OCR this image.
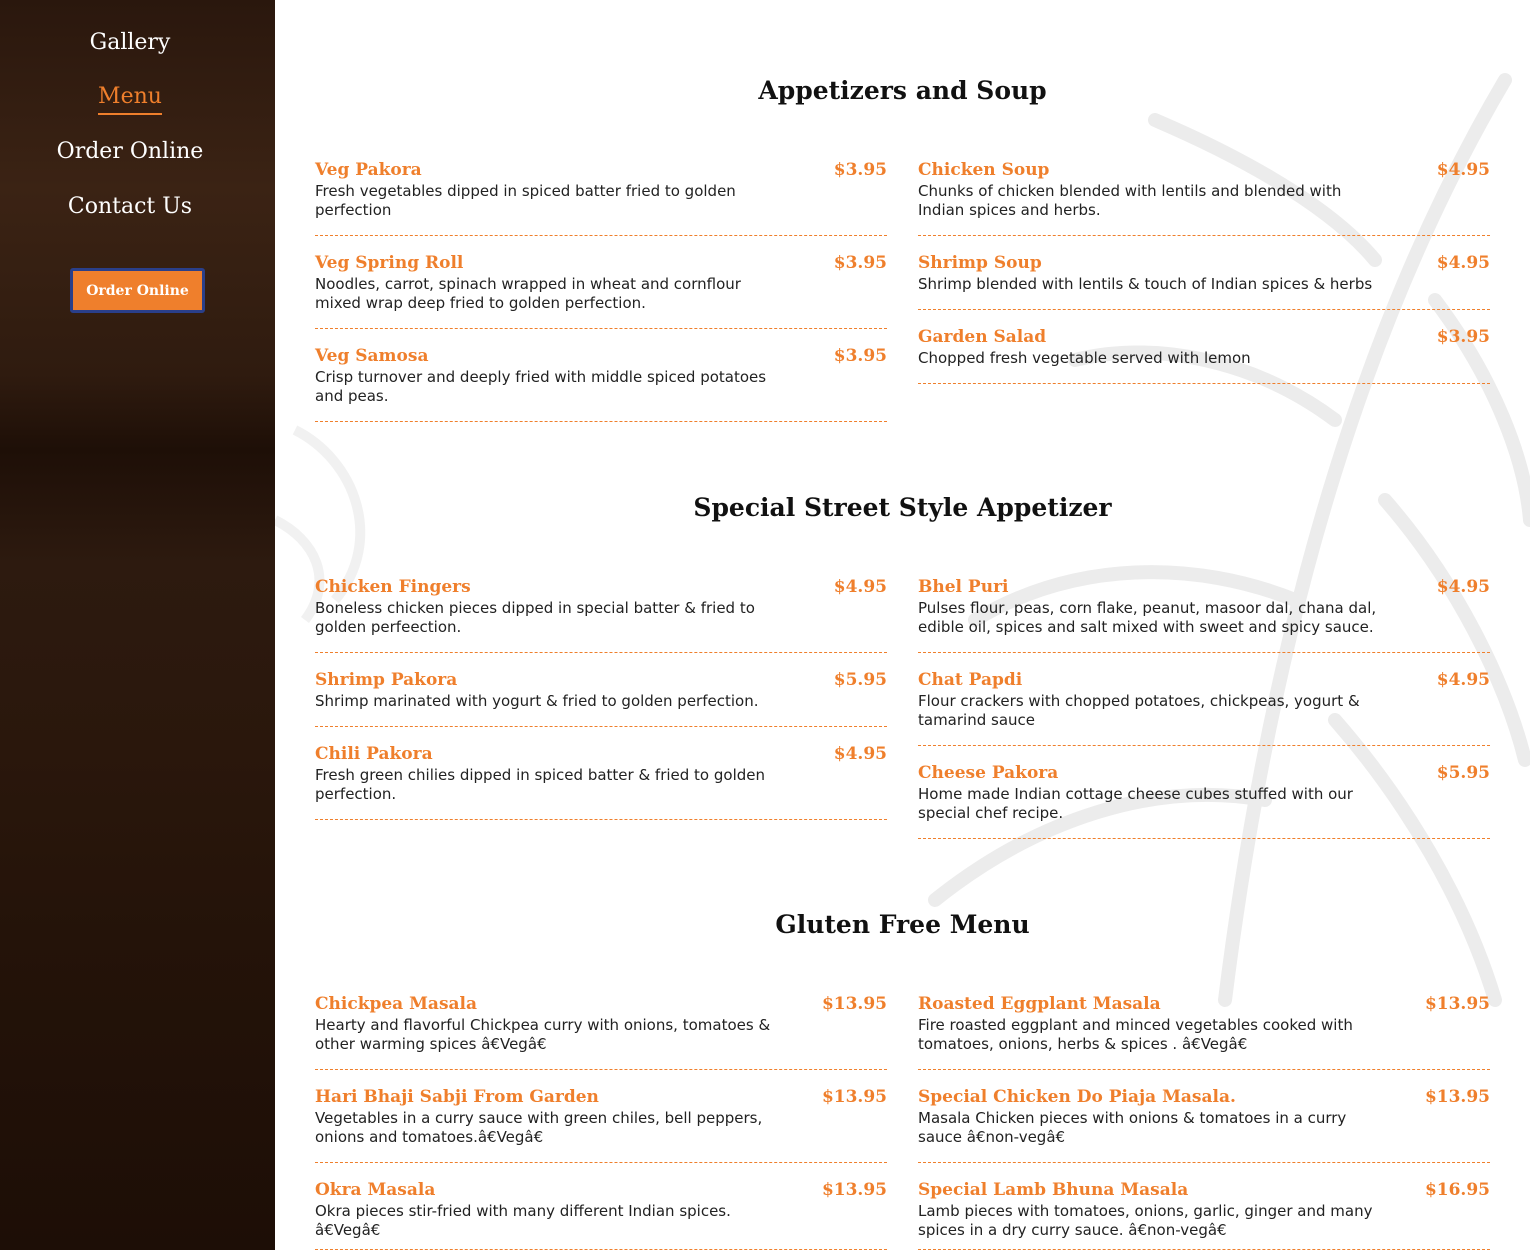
Gallery
Menu
Order Online
Contact Us
Order Online
Appetizers and Soup
Special Street Style Appetizer
Gluten Free Menu
Veg Pakora	$3.95
Fresh vegetables dipped in spiced batter fried to golden perfection
Veg Spring Roll	$3.95
Noodles, carrot, spinach wrapped in wheat and cornflour mixed wrap deep fried to golden perfection.
Veg Samosa	$3.95
Crisp turnover and deeply fried with middle spiced potatoes and peas.
Chicken Soup	$4.95
Chunks of chicken blended with lentils and blended with Indian spices and herbs.
Shrimp Soup	$4.95
Shrimp blended with lentils & touch of Indian spices & herbs
Garden Salad	$3.95
Chopped fresh vegetable served with lemon
Chicken Fingers	$4.95
Boneless chicken pieces dipped in special batter & fried to golden perfeection.
Shrimp Pakora	$5.95
Shrimp marinated with yogurt & fried to golden perfection.
Chili Pakora	$4.95
Fresh green chilies dipped in spiced batter & fried to golden perfection.
Bhel Puri	$4.95
Pulses flour, peas, corn flake, peanut, masoor dal, chana dal, edible oil, spices and salt mixed with sweet and spicy sauce.
Chat Papdi	$4.95
Flour crackers with chopped potatoes, chickpeas, yogurt & tamarind sauce
Cheese Pakora	$5.95
Home made Indian cottage cheese cubes stuffed with our special chef recipe.
Chickpea Masala	$13.95
Hearty and flavorful Chickpea curry with onions, tomatoes & other warming spices â€Vegâ€
Hari Bhaji Sabji From Garden	$13.95
Vegetables in a curry sauce with green chiles, bell peppers, onions and tomatoes.â€Vegâ€
Okra Masala	$13.95
Okra pieces stir-fried with many different Indian spices. â€Vegâ€
Roasted Eggplant Masala	$13.95
Fire roasted eggplant and minced vegetables cooked with tomatoes, onions, herbs & spices . â€Vegâ€
Special Chicken Do Piaja Masala.	$13.95
Masala Chicken pieces with onions & tomatoes in a curry sauce â€non-vegâ€
Special Lamb Bhuna Masala	$16.95
Lamb pieces with tomatoes, onions, garlic, ginger and many spices in a dry curry sauce. â€non-vegâ€
